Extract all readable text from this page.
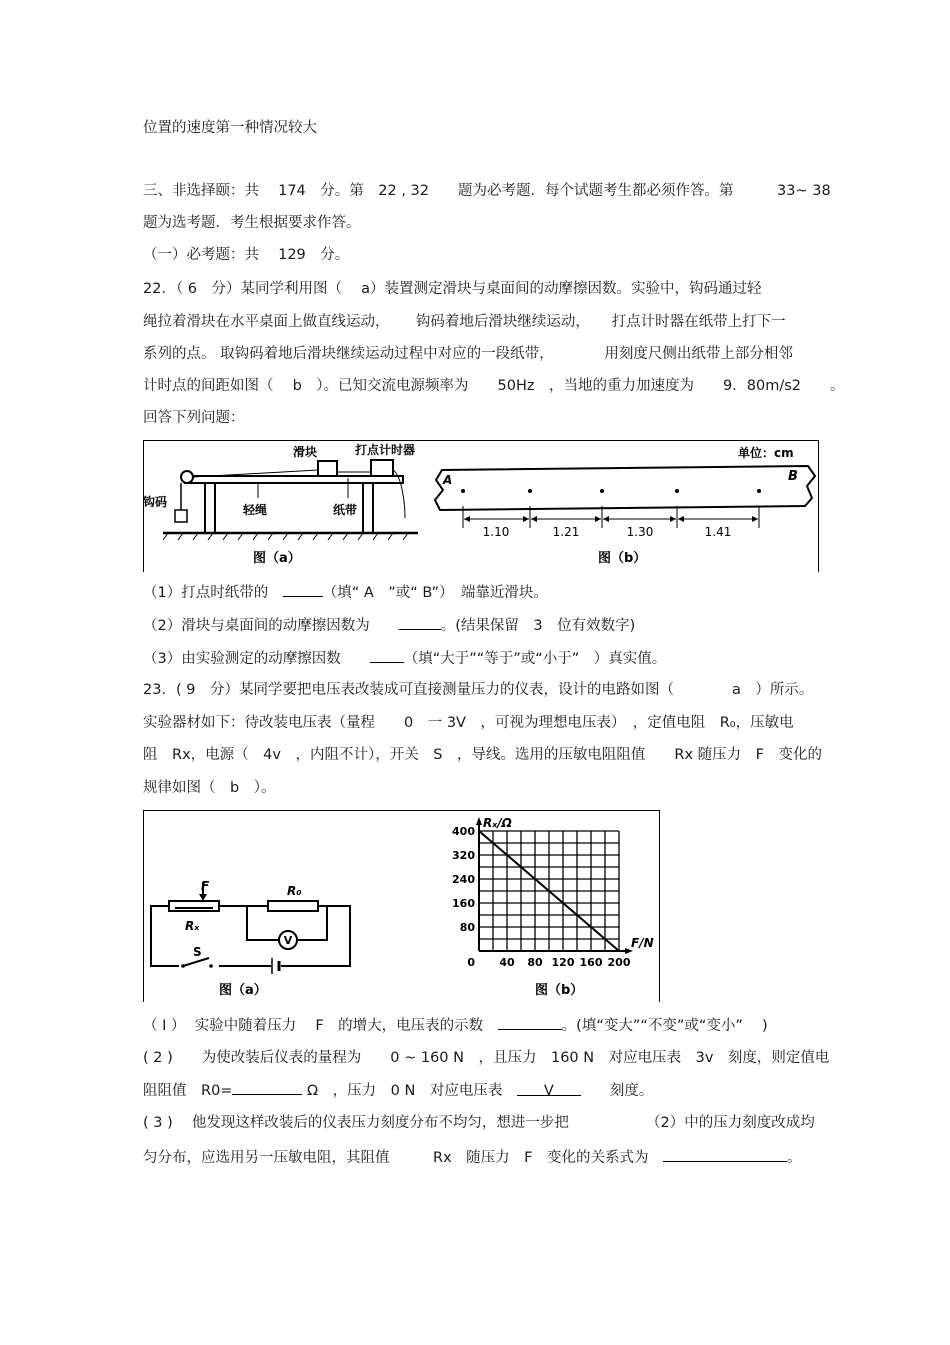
位置的速度第一种情况较大
三、非选择颐：共　 174　分。第　22 , 32　　题为必考题．每个试题考生都必须作答。第　　　33~ 38
题为选考题．考生根据要求作答。
（一）必考题：共　 129　分。
22．（ 6　分）某同学利用图（　 a）装置测定滑块与桌面间的动摩擦因数。实验中，钩码通过轻
绳拉着滑块在水平桌面上做直线运动，　　 钩码着地后滑块继续运动，　　打点计时器在纸带上打下一
系列的点。 取钩码着地后滑块继续运动过程中对应的一段纸带，　　　　用刻度尺侧出纸带上部分相邻
计时点的间距如图（　 b　）。已知交流电源频率为　　50Hz　，当地的重力加速度为　　9．80m/s2　　。
回答下列问题：
滑块	打点计时器
钩码
轻绳	纸带
图（a）
A	B
单位：cm
1.10	1.21	1.30	1.41
图（b）
（1）打点时纸带的　	（填“ A　”或“ B”）　端靠近滑块。
（2）滑块与桌面间的动摩擦因数为　　	。(结果保留　3　位有效数字)
（3）由实验测定的动摩擦因数　　（填“大于”“等于”或“小于”　）真实值。
23．( 9　分）某同学要把电压表改装成可直接测量压力的仪表，设计的电路如图（　　　　a　）所示。
实验器材如下：待改装电压表（量程　　0　一 3V　，可视为理想电压表）　，定值电阻　R₀，压敏电
阻　Rx，电源（　4v　，内阻不计），开关　S　，导线。选用的压敏电阻阻值　　Rx 随压力　F　变化的
规律如图（　b　）。
F
Rₓ
R₀
V
S
图（a）
400
320
240
160
80
0 40 80 120 160 200
Rₓ/Ω
F/N
图（b）
（ I ）  实验中随着压力　 F　的增大，电压表的示数　	。(填“变大”“不变”或“变小”　 )
( 2 )　　为使改装后仪表的量程为　　0 ~ 160 N　，且压力　160 N　对应电压表　3v　刻度，则定值电
阻阻值　R0=	Ω　，压力　0 N　对应电压表　V　　刻度。
( 3 )　 他发现这样改装后的仪表压力刻度分布不均匀，想进一步把　　　　　 （2）中的压力刻度改成均
匀分布，应选用另一压敏电阻，其阻值　　　Rx　随压力　F　变化的关系式为　	。
